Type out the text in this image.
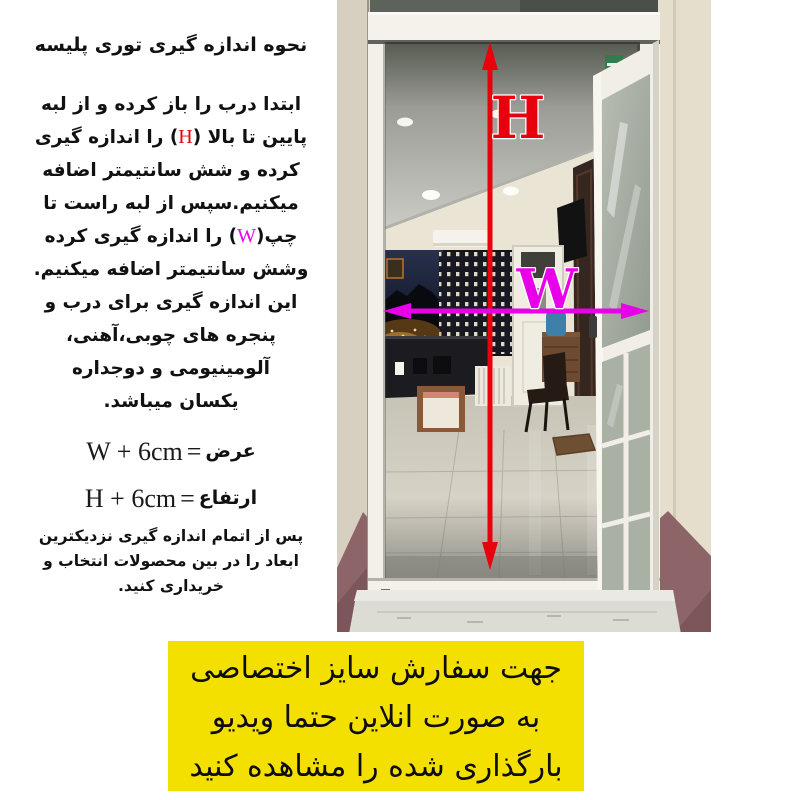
نحوه اندازه گیری توری پلیسه
ابتدا درب را باز کرده و از لبه
پایین تا بالا (H) را اندازه گیری
کرده و شش سانتیمتر اضافه
میکنیم.سپس از لبه راست تا
چپ(W) را اندازه گیری کرده
وشش سانتیمتر اضافه میکنیم.
این اندازه گیری برای درب و
پنجره های چوبی،آهنی،
آلومینیومی و دوجداره
یکسان میباشد.
W + 6cm = عرض
H + 6cm = ارتفاع
پس از اتمام اندازه گیری نزدیکترین
ابعاد را در بین محصولات انتخاب و
خریداری کنید.
H
W
جهت سفارش سایز اختصاصی
به صورت انلاین حتما ویدیو
بارگذاری شده را مشاهده کنید
